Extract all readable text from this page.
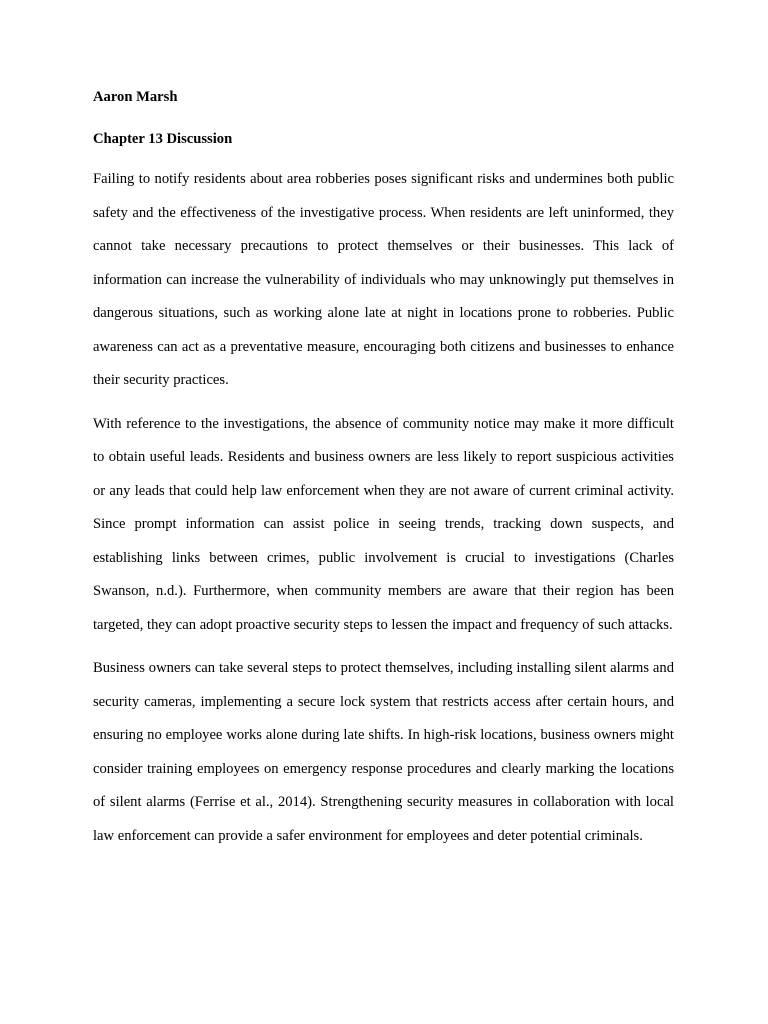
Aaron Marsh

Chapter 13 Discussion

Failing to notify residents about area robberies poses significant risks and undermines both public safety and the effectiveness of the investigative process. When residents are left uninformed, they cannot take necessary precautions to protect themselves or their businesses. This lack of information can increase the vulnerability of individuals who may unknowingly put themselves in dangerous situations, such as working alone late at night in locations prone to robberies. Public awareness can act as a preventative measure, encouraging both citizens and businesses to enhance their security practices.

With reference to the investigations, the absence of community notice may make it more difficult to obtain useful leads. Residents and business owners are less likely to report suspicious activities or any leads that could help law enforcement when they are not aware of current criminal activity. Since prompt information can assist police in seeing trends, tracking down suspects, and establishing links between crimes, public involvement is crucial to investigations (Charles Swanson, n.d.). Furthermore, when community members are aware that their region has been targeted, they can adopt proactive security steps to lessen the impact and frequency of such attacks.

Business owners can take several steps to protect themselves, including installing silent alarms and security cameras, implementing a secure lock system that restricts access after certain hours, and ensuring no employee works alone during late shifts. In high-risk locations, business owners might consider training employees on emergency response procedures and clearly marking the locations of silent alarms (Ferrise et al., 2014). Strengthening security measures in collaboration with local law enforcement can provide a safer environment for employees and deter potential criminals.
